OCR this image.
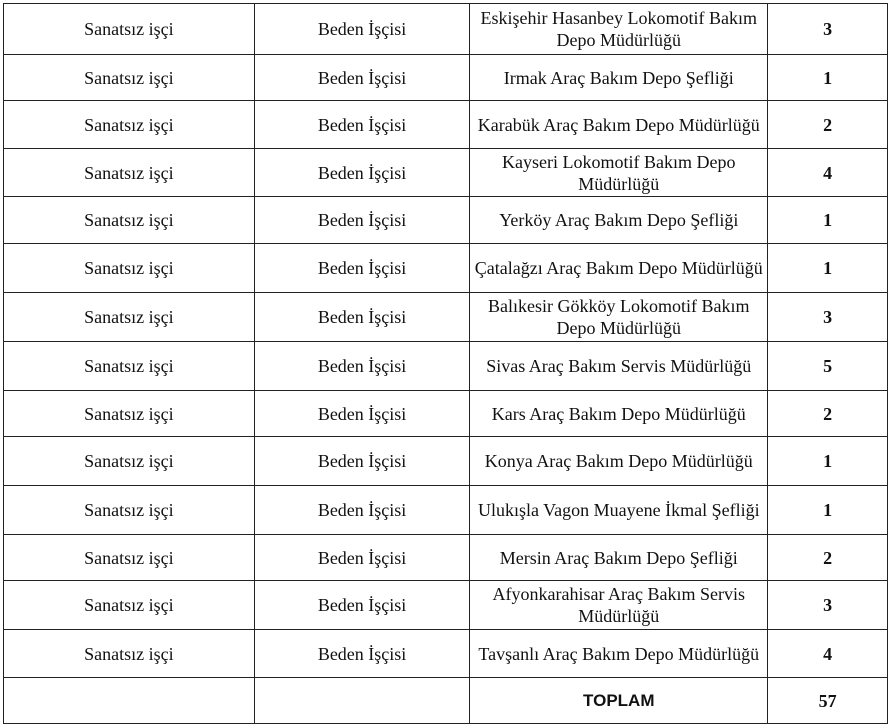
Sanatsız işçi	Beden İşçisi	Eskişehir Hasanbey Lokomotif Bakım Depo Müdürlüğü	3
Sanatsız işçi	Beden İşçisi	Irmak Araç Bakım Depo Şefliği	1
Sanatsız işçi	Beden İşçisi	Karabük Araç Bakım Depo Müdürlüğü	2
Sanatsız işçi	Beden İşçisi	Kayseri Lokomotif Bakım Depo Müdürlüğü	4
Sanatsız işçi	Beden İşçisi	Yerköy Araç Bakım Depo Şefliği	1
Sanatsız işçi	Beden İşçisi	Çatalağzı Araç Bakım Depo Müdürlüğü	1
Sanatsız işçi	Beden İşçisi	Balıkesir Gökköy Lokomotif Bakım Depo Müdürlüğü	3
Sanatsız işçi	Beden İşçisi	Sivas Araç Bakım Servis Müdürlüğü	5
Sanatsız işçi	Beden İşçisi	Kars Araç Bakım Depo Müdürlüğü	2
Sanatsız işçi	Beden İşçisi	Konya Araç Bakım Depo Müdürlüğü	1
Sanatsız işçi	Beden İşçisi	Ulukışla Vagon Muayene İkmal Şefliği	1
Sanatsız işçi	Beden İşçisi	Mersin Araç Bakım Depo Şefliği	2
Sanatsız işçi	Beden İşçisi	Afyonkarahisar Araç Bakım Servis Müdürlüğü	3
Sanatsız işçi	Beden İşçisi	Tavşanlı Araç Bakım Depo Müdürlüğü	4
		TOPLAM	57
